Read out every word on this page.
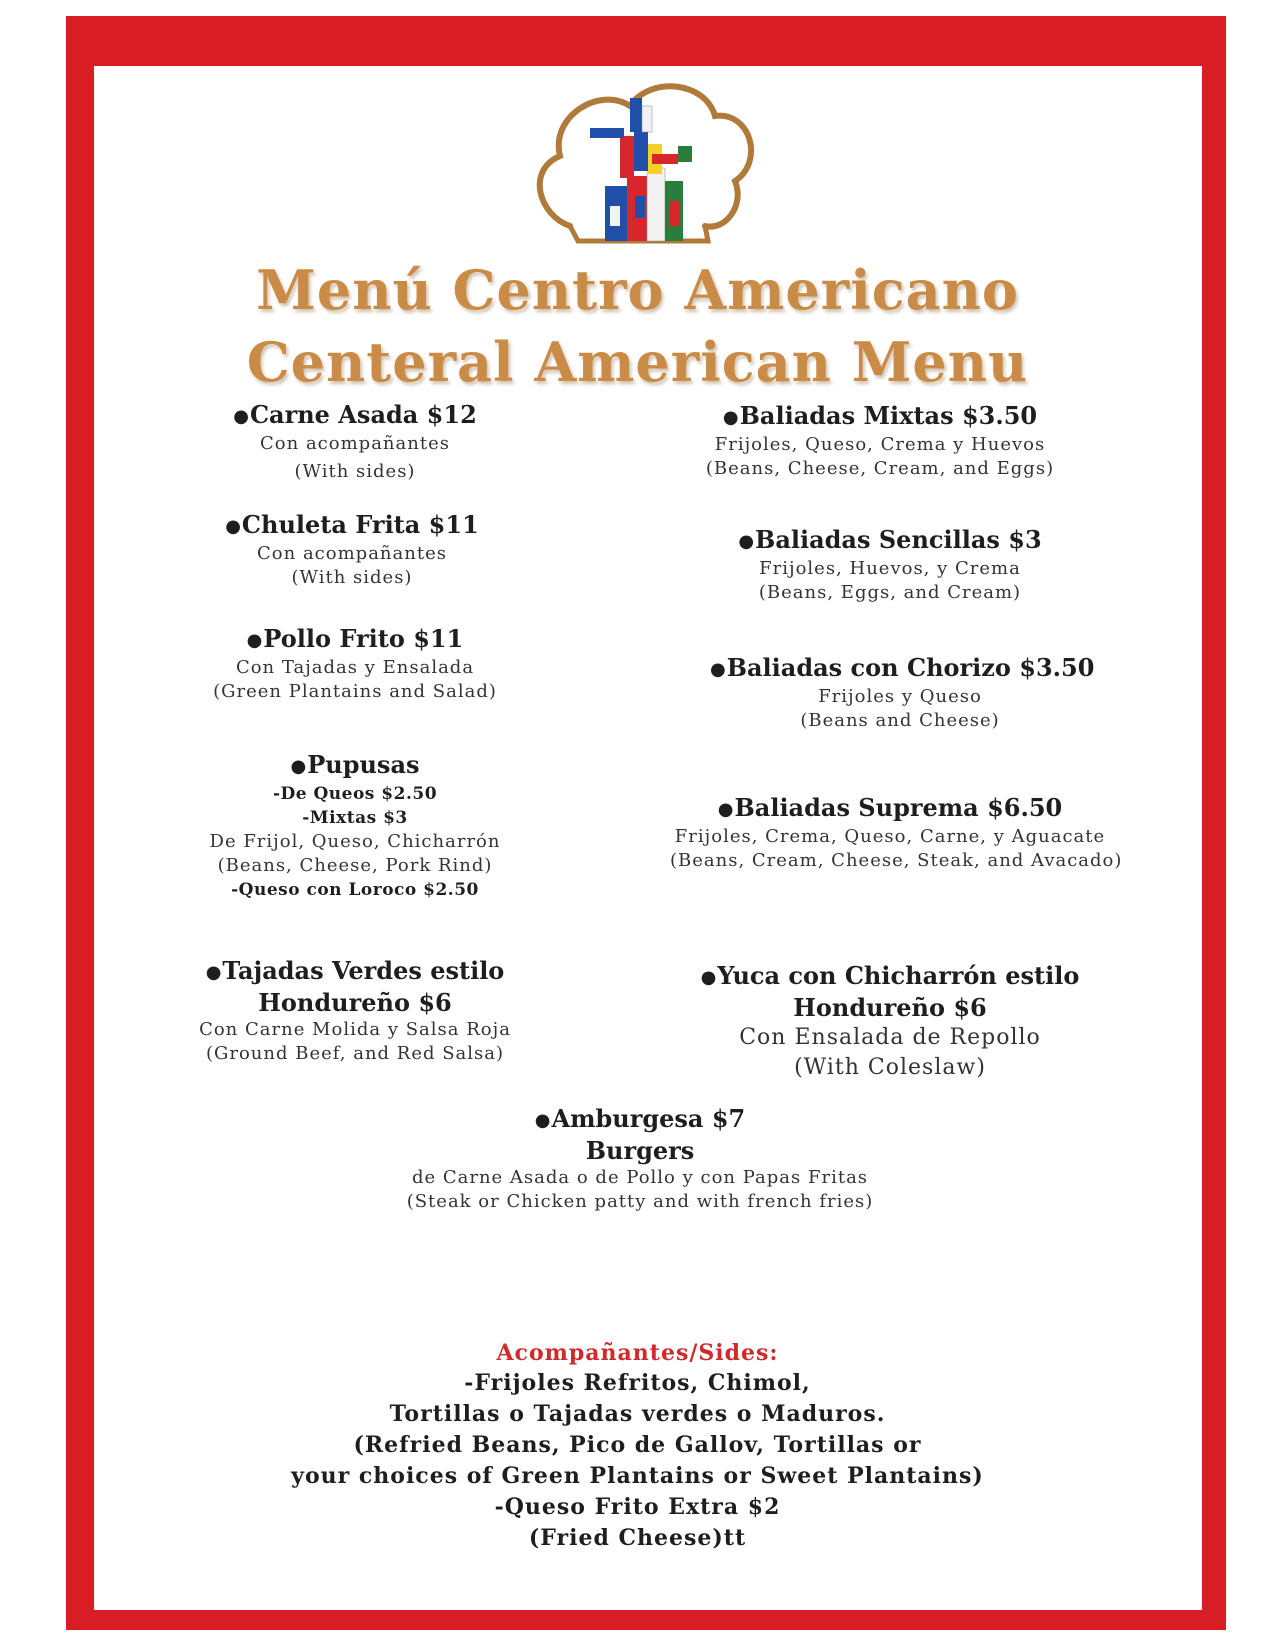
Menú Centro Americano
Centeral American Menu
●Carne Asada $12
Con acompañantes
(With sides)
●Chuleta Frita $11
Con acompañantes
(With sides)
●Pollo Frito $11
Con Tajadas y Ensalada
(Green Plantains and Salad)
●Pupusas
-De Queos $2.50
-Mixtas $3
De Frijol, Queso, Chicharrón
(Beans, Cheese, Pork Rind)
-Queso con Loroco $2.50
●Tajadas Verdes estilo
Hondureño $6
Con Carne Molida y Salsa Roja
(Ground Beef, and Red Salsa)
●Baliadas Mixtas $3.50
Frijoles, Queso, Crema y Huevos
(Beans, Cheese, Cream, and Eggs)
●Baliadas Sencillas $3
Frijoles, Huevos, y Crema
(Beans, Eggs, and Cream)
●Baliadas con Chorizo $3.50
Frijoles y Queso
(Beans and Cheese)
●Baliadas Suprema $6.50
Frijoles, Crema, Queso, Carne, y Aguacate
(Beans, Cream, Cheese, Steak, and Avacado)
●Yuca con Chicharrón estilo
Hondureño $6
Con Ensalada de Repollo
(With Coleslaw)
●Amburgesa $7
Burgers
de Carne Asada o de Pollo y con Papas Fritas
(Steak or Chicken patty and with french fries)
Acompañantes/Sides:
-Frijoles Refritos, Chimol,
Tortillas o Tajadas verdes o Maduros.
(Refried Beans, Pico de Gallov, Tortillas or
your choices of Green Plantains or Sweet Plantains)
-Queso Frito Extra $2
(Fried Cheese)tt
